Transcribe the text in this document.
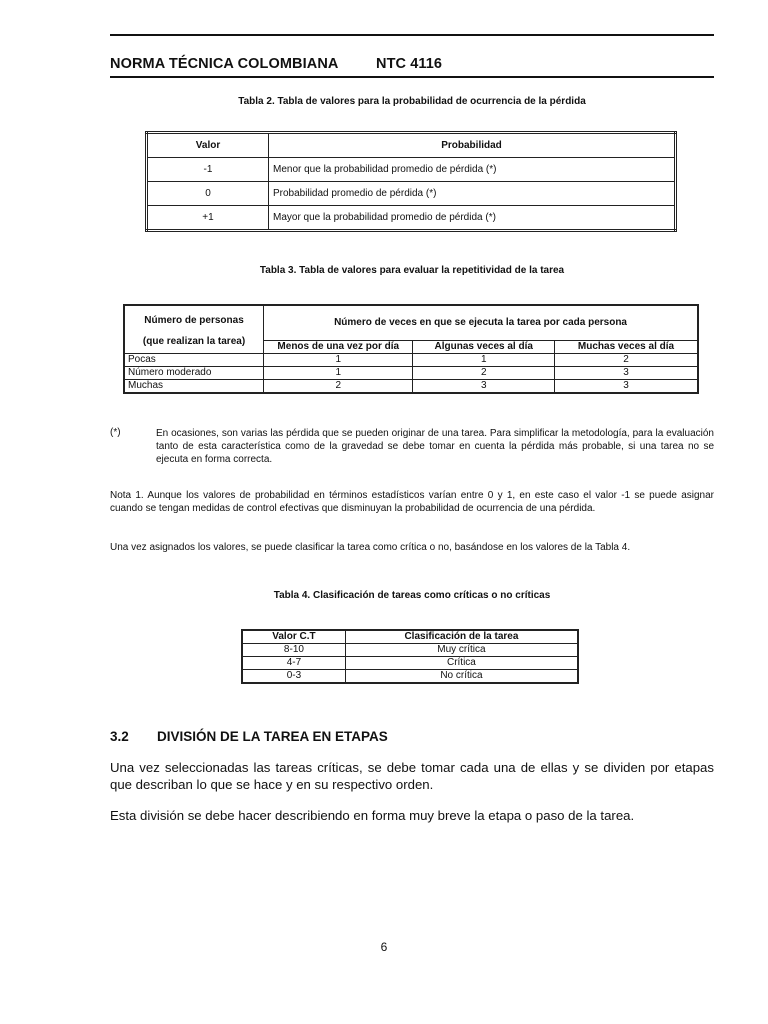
NORMA TÉCNICA COLOMBIANA	NTC 4116
Tabla 2. Tabla de valores para la probabilidad de ocurrencia de la pérdida
Valor	Probabilidad
-1	Menor que la probabilidad promedio de pérdida (*)
0	Probabilidad promedio de pérdida (*)
+1	Mayor que la probabilidad promedio de pérdida (*)
Tabla 3. Tabla de valores para evaluar la repetitividad de la tarea
Número de personas
(que realizan la tarea)	Número de veces en que se ejecuta la tarea por cada persona		
	Menos de una vez por día	Algunas veces al día	Muchas veces al día
Pocas	1	1	2
Número moderado	1	2	3
Muchas	2	3	3
(*)	En ocasiones, son varias las pérdida que se pueden originar de una tarea. Para simplificar la metodología, para la evaluación tanto de esta característica como de la gravedad se debe tomar en cuenta la pérdida más probable, si una tarea no se ejecuta en forma correcta.
Nota 1. Aunque los valores de probabilidad en términos estadísticos varían entre 0 y 1, en este caso el valor -1 se puede asignar cuando se tengan medidas de control efectivas que disminuyan la probabilidad de ocurrencia de una pérdida.
Una vez asignados los valores, se puede clasificar la tarea como crítica o no, basándose en los valores de la Tabla 4.
Tabla 4. Clasificación de tareas como críticas o no críticas
Valor C.T	Clasificación de la tarea
8-10	Muy crítica
4-7	Crítica
0-3	No crítica
3.2 DIVISIÓN DE LA TAREA EN ETAPAS
Una vez seleccionadas las tareas críticas, se debe tomar cada una de ellas y se dividen por etapas que describan lo que se hace y en su respectivo orden.
Esta división se debe hacer describiendo en forma muy breve la etapa o paso de la tarea.
6
